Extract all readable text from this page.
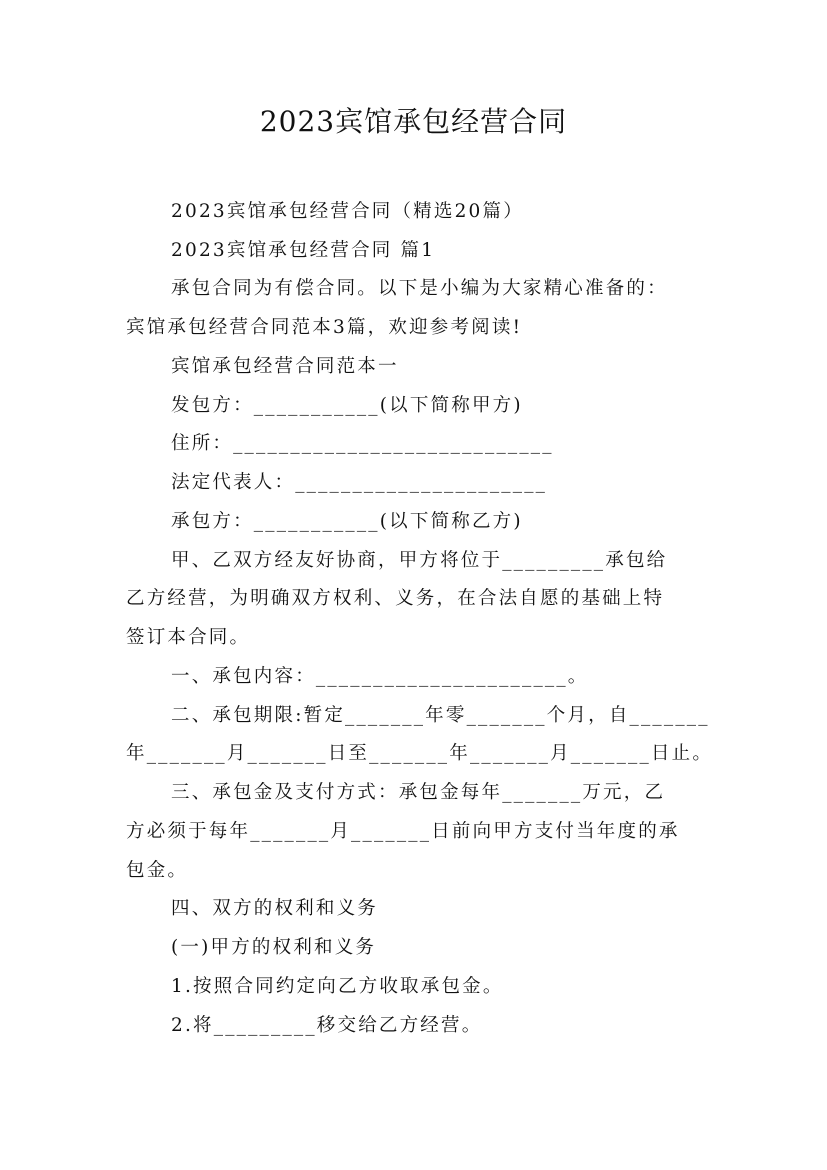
2023宾馆承包经营合同
2023宾馆承包经营合同（精选20篇）
2023宾馆承包经营合同 篇1
承包合同为有偿合同。以下是小编为大家精心准备的：
宾馆承包经营合同范本3篇，欢迎参考阅读!
宾馆承包经营合同范本一
发包方：___________(以下简称甲方)
住所：____________________________
法定代表人：______________________
承包方：___________(以下简称乙方)
甲、乙双方经友好协商，甲方将位于_________承包给
乙方经营，为明确双方权利、义务，在合法自愿的基础上特
签订本合同。
一、承包内容：______________________。
二、承包期限:暂定_______年零_______个月，自_______
年_______月_______日至_______年_______月_______日止。
三、承包金及支付方式：承包金每年_______万元，乙
方必须于每年_______月_______日前向甲方支付当年度的承
包金。
四、双方的权利和义务
(一)甲方的权利和义务
1.按照合同约定向乙方收取承包金。
2.将_________移交给乙方经营。
